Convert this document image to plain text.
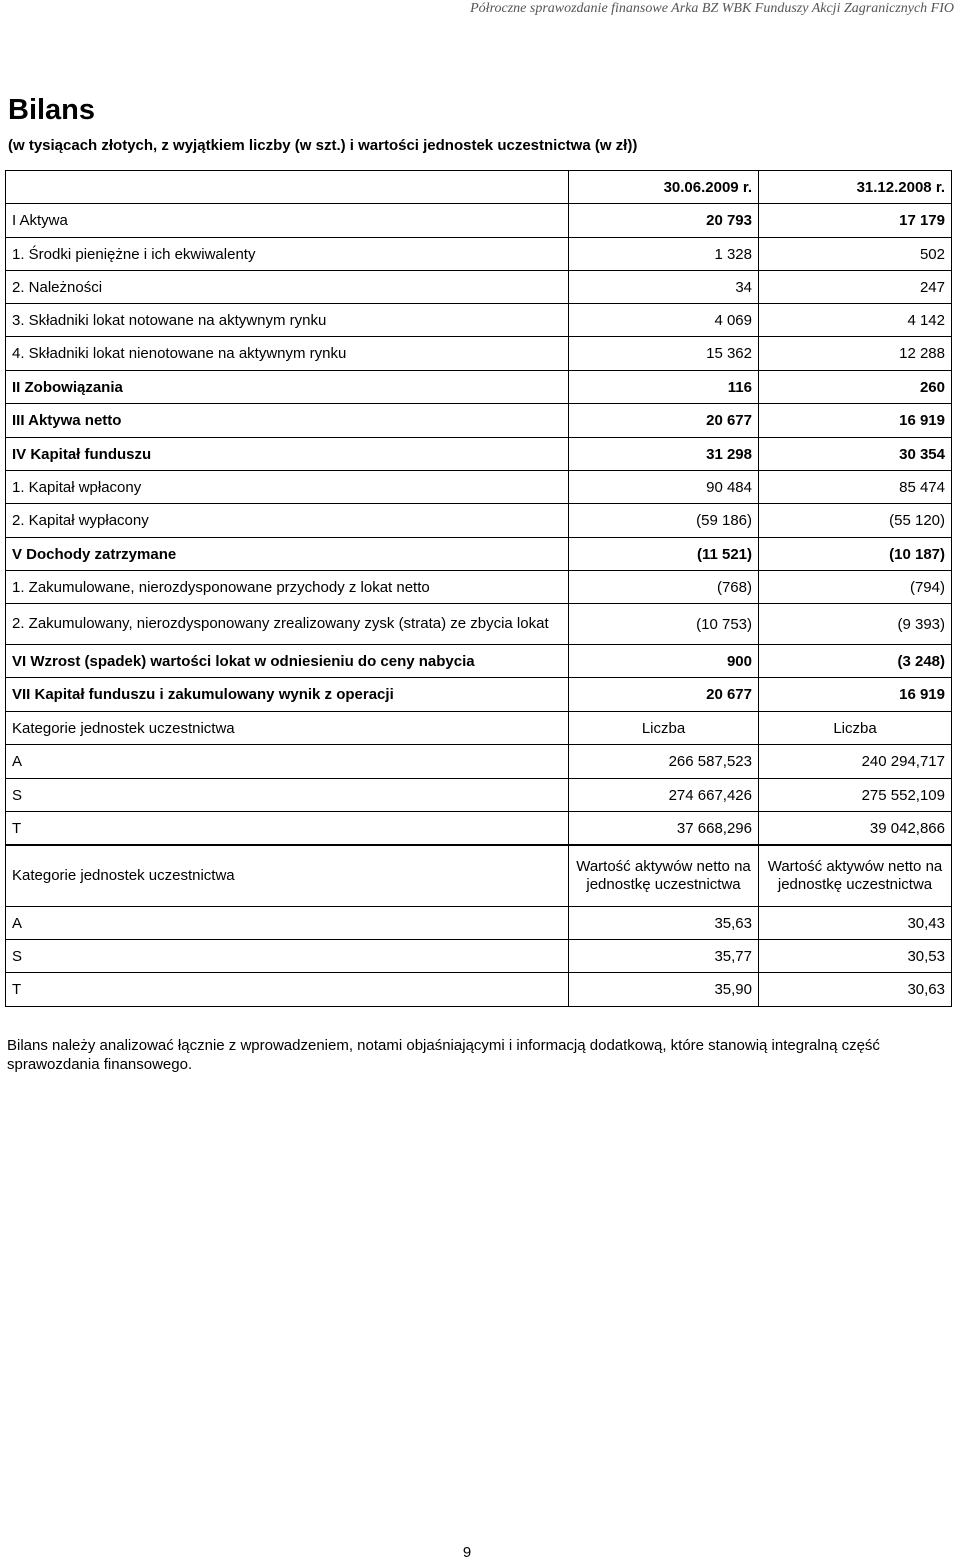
Półroczne sprawozdanie finansowe Arka BZ WBK Funduszy Akcji Zagranicznych FIO
Bilans

(w tysiącach złotych, z wyjątkiem liczby (w szt.) i wartości jednostek uczestnictwa (w zł))

	30.06.2009 r.	31.12.2008 r.
I Aktywa	20 793	17 179
1. Środki pieniężne i ich ekwiwalenty	1 328	502
2. Należności	34	247
3. Składniki lokat notowane na aktywnym rynku	4 069	4 142
4. Składniki lokat nienotowane na aktywnym rynku	15 362	12 288
II Zobowiązania	116	260
III Aktywa netto	20 677	16 919
IV Kapitał funduszu	31 298	30 354
1. Kapitał wpłacony	90 484	85 474
2. Kapitał wypłacony	(59 186)	(55 120)
V Dochody zatrzymane	(11 521)	(10 187)
1. Zakumulowane, nierozdysponowane przychody z lokat netto	(768)	(794)
2. Zakumulowany, nierozdysponowany zrealizowany zysk (strata) ze zbycia lokat	(10 753)	(9 393)
VI Wzrost (spadek) wartości lokat w odniesieniu do ceny nabycia	900	(3 248)
VII Kapitał funduszu i zakumulowany wynik z operacji	20 677	16 919
Kategorie jednostek uczestnictwa	Liczba	Liczba
A	266 587,523	240 294,717
S	274 667,426	275 552,109
T	37 668,296	39 042,866
Kategorie jednostek uczestnictwa	Wartość aktywów netto na jednostkę uczestnictwa	Wartość aktywów netto na jednostkę uczestnictwa
A	35,63	30,43
S	35,77	30,53
T	35,90	30,63

Bilans należy analizować łącznie z wprowadzeniem, notami objaśniającymi i informacją dodatkową, które stanowią integralną część sprawozdania finansowego.

9
